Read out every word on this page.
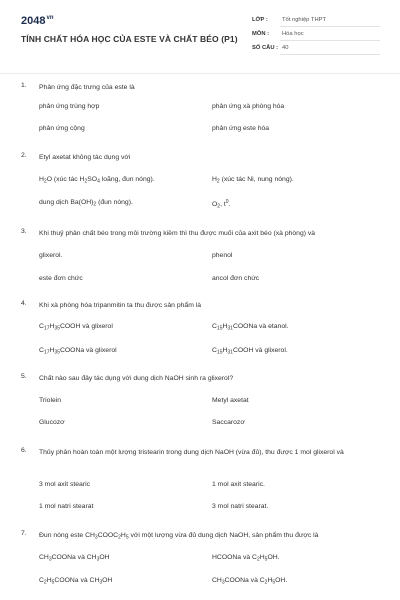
$2048^{vn}$
TÍNH CHẤT HÓA HỌC CỦA ESTE VÀ CHẤT BÉO (P1)
LỚP : Tốt nghiệp THPT
MÔN : Hóa học
SỐ CÂU : 40
1. Phản ứng đặc trưng của este là
phản ứng trùng hợp	phản ứng xà phòng hóa
phản ứng cộng	phản ứng este hóa
2. Etyl axetat không tác dụng với
$H_2O$ (xúc tác $H_2SO_4$ loãng, đun nóng).	$H_2$ (xúc tác Ni, nung nóng).
dung dịch $Ba(OH)_2$ (đun nóng).	$O_2$, $t^0$.
3. Khi thuỷ phân chất béo trong môi trường kiềm thì thu được muối của axit béo (xà phòng) và
glixerol.	phenol
este đơn chức	ancol đơn chức
4. Khi xà phòng hóa tripanmitin ta thu được sản phẩm là
$C_{17}H_{35}COOH$ và glixerol	$C_{15}H_{31}COONa$ và etanol.
$C_{17}H_{35}COONa$ và glixerol	$C_{15}H_{31}COOH$ và glixerol.
5. Chất nào sau đây tác dụng với dung dịch NaOH sinh ra glixerol?
Triolein	Metyl axetat
Glucozơ	Saccarozơ
6. Thủy phân hoàn toàn một lượng tristearin trong dung dịch NaOH (vừa đủ), thu được 1 mol glixerol và
3 mol axit stearic	1 mol axit stearic.
1 mol natri stearat	3 mol natri stearat.
7. Đun nóng este $CH_3COOC_2H_5$ với một lượng vừa đủ dung dịch NaOH, sản phẩm thu được là
$CH_3COONa$ và $CH_3OH$	HCOONa và $C_2H_5OH$.
$C_2H_5COONa$ và $CH_3OH$	$CH_3COONa$ và $C_2H_5OH$.
